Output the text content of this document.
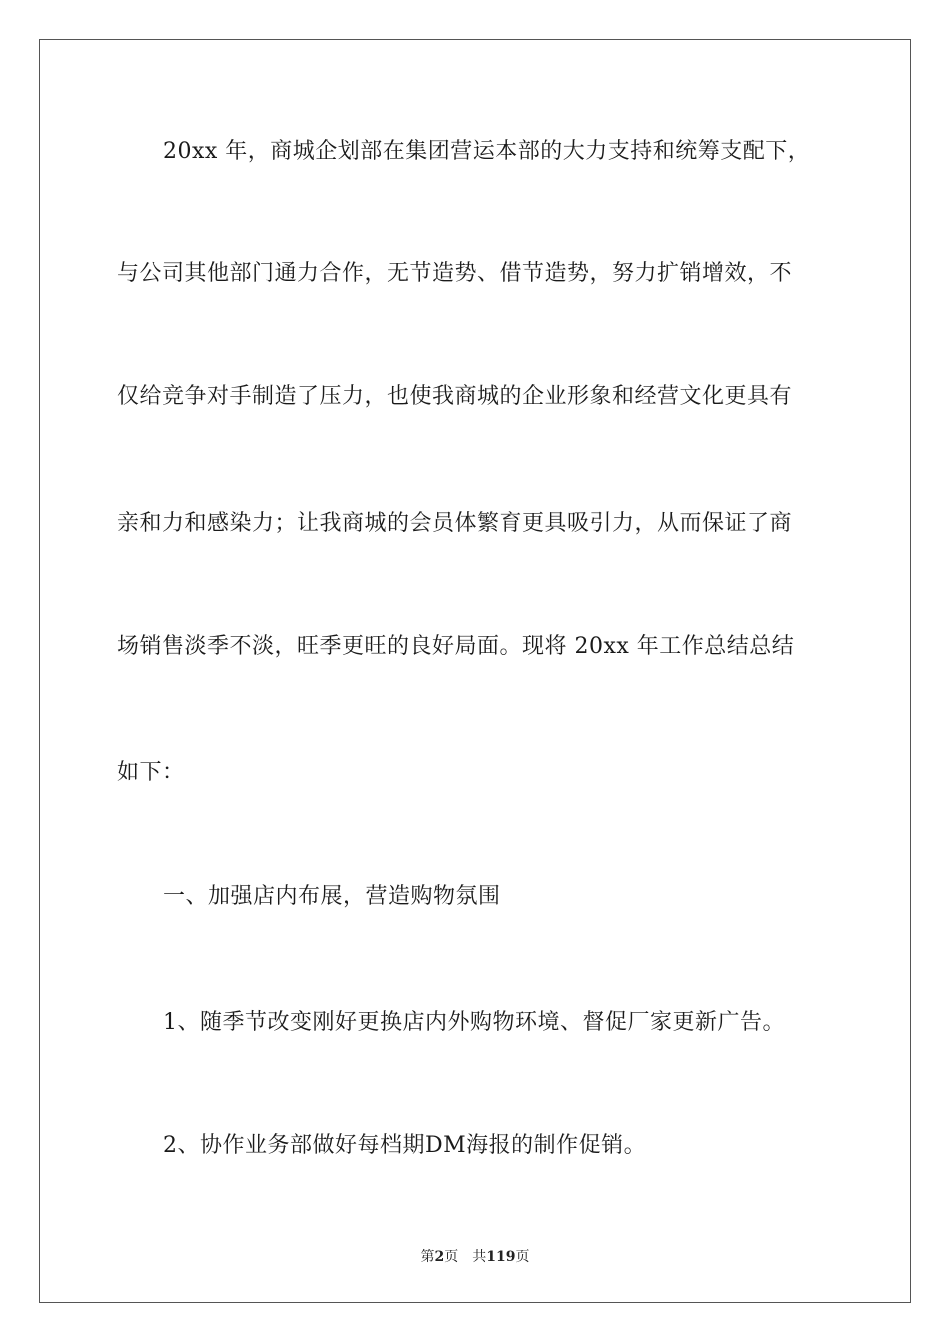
20xx 年，商城企划部在集团营运本部的大力支持和统筹支配下，
与公司其他部门通力合作，无节造势、借节造势，努力扩销增效，不
仅给竞争对手制造了压力，也使我商城的企业形象和经营文化更具有
亲和力和感染力；让我商城的会员体繁育更具吸引力，从而保证了商
场销售淡季不淡，旺季更旺的良好局面。现将 20xx 年工作总结总结
如下：
一、加强店内布展，营造购物氛围
1、随季节改变刚好更换店内外购物环境、督促厂家更新广告。
2、协作业务部做好每档期DM海报的制作促销。
第2页 共119页
